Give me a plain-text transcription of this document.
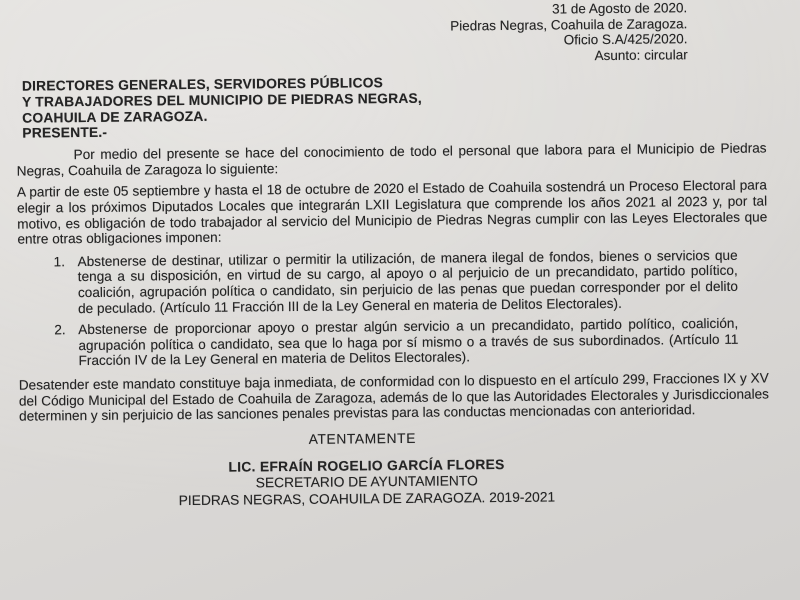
31 de Agosto de 2020.
Piedras Negras, Coahuila de Zaragoza.
Oficio S.A/425/2020.
Asunto: circular
DIRECTORES GENERALES, SERVIDORES PÚBLICOS
Y TRABAJADORES DEL MUNICIPIO DE PIEDRAS NEGRAS,
COAHUILA DE ZARAGOZA.
PRESENTE.-

Por medio del presente se hace del conocimiento de todo el personal que labora para el Municipio de Piedras Negras, Coahuila de Zaragoza lo siguiente:

A partir de este 05 septiembre y hasta el 18 de octubre de 2020 el Estado de Coahuila sostendrá un Proceso Electoral para elegir a los próximos Diputados Locales que integrarán LXII Legislatura que comprende los años 2021 al 2023 y, por tal motivo, es obligación de todo trabajador al servicio del Municipio de Piedras Negras cumplir con las Leyes Electorales que entre otras obligaciones imponen:

1. Abstenerse de destinar, utilizar o permitir la utilización, de manera ilegal de fondos, bienes o servicios que tenga a su disposición, en virtud de su cargo, al apoyo o al perjuicio de un precandidato, partido político, coalición, agrupación política o candidato, sin perjuicio de las penas que puedan corresponder por el delito de peculado. (Artículo 11 Fracción III de la Ley General en materia de Delitos Electorales).
2. Abstenerse de proporcionar apoyo o prestar algún servicio a un precandidato, partido político, coalición, agrupación política o candidato, sea que lo haga por sí mismo o a través de sus subordinados. (Artículo 11 Fracción IV de la Ley General en materia de Delitos Electorales).

Desatender este mandato constituye baja inmediata, de conformidad con lo dispuesto en el artículo 299, Fracciones IX y XV del Código Municipal del Estado de Coahuila de Zaragoza, además de lo que las Autoridades Electorales y Jurisdiccionales determinen y sin perjuicio de las sanciones penales previstas para las conductas mencionadas con anterioridad.

ATENTAMENTE
LIC. EFRAÍN ROGELIO GARCÍA FLORES
SECRETARIO DE AYUNTAMIENTO
PIEDRAS NEGRAS, COAHUILA DE ZARAGOZA. 2019-2021
